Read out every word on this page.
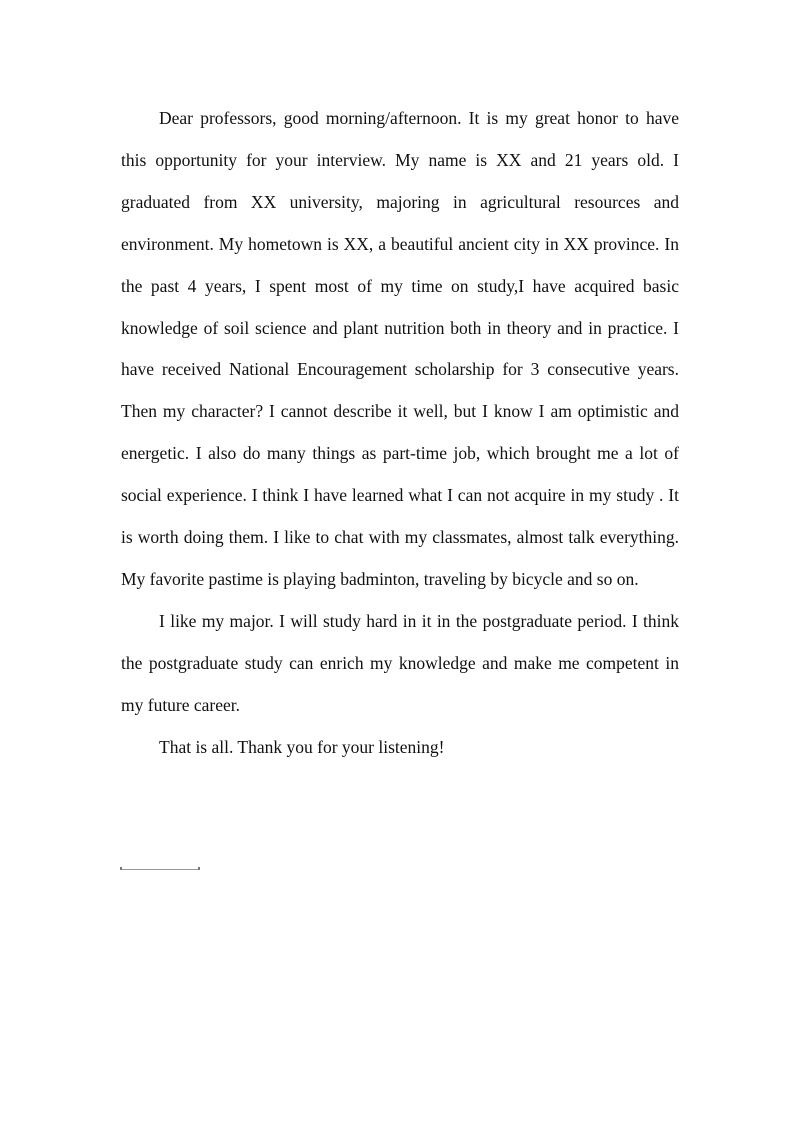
Dear professors, good morning/afternoon. It is my great honor to have this opportunity for your interview. My name is XX and 21 years old. I graduated from XX university, majoring in agricultural resources and environment. My hometown is XX, a beautiful ancient city in XX province. In the past 4 years, I spent most of my time on study,I have acquired basic knowledge of soil science and plant nutrition both in theory and in practice. I have received National Encouragement scholarship for 3 consecutive years. Then my character? I cannot describe it well, but I know I am optimistic and energetic. I also do many things as part-time job, which brought me a lot of social experience. I think I have learned what I can not acquire in my study . It is worth doing them. I like to chat with my classmates, almost talk everything. My favorite pastime is playing badminton, traveling by bicycle and so on.

I like my major. I will study hard in it in the postgraduate period. I think the postgraduate study can enrich my knowledge and make me competent in my future career.

That is all. Thank you for your listening!
